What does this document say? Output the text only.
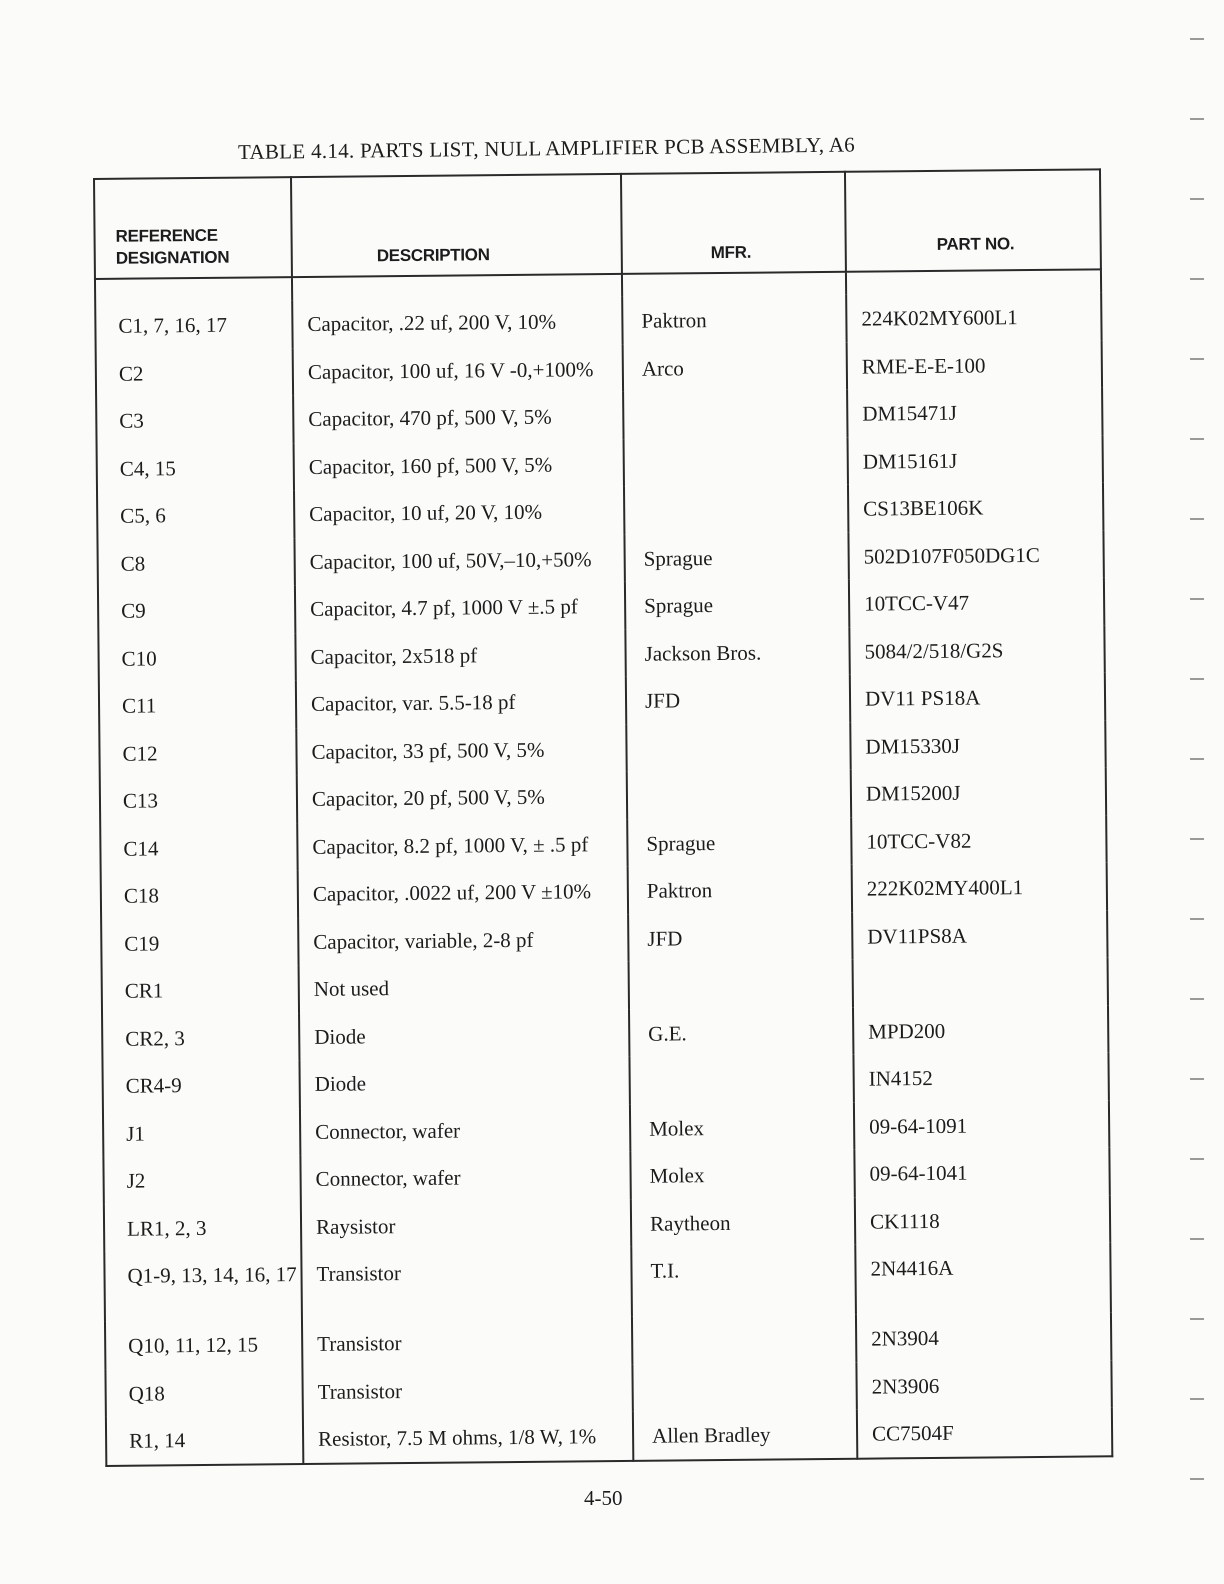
TABLE 4.14. PARTS LIST, NULL AMPLIFIER PCB ASSEMBLY, A6
REFERENCE
DESIGNATION	DESCRIPTION	MFR.	PART NO.

C1, 7, 16, 17	Capacitor, .22 uf, 200 V, 10%	Paktron	224K02MY600L1
C2	Capacitor, 100 uf, 16 V -0,+100%	Arco	RME-E-E-100
C3	Capacitor, 470 pf, 500 V, 5%		DM15471J
C4, 15	Capacitor, 160 pf, 500 V, 5%		DM15161J
C5, 6	Capacitor, 10 uf, 20 V, 10%		CS13BE106K
C8	Capacitor, 100 uf, 50V,–10,+50%	Sprague	502D107F050DG1C
C9	Capacitor, 4.7 pf, 1000 V ±.5 pf	Sprague	10TCC-V47
C10	Capacitor, 2x518 pf	Jackson Bros.	5084/2/518/G2S
C11	Capacitor, var. 5.5-18 pf	JFD	DV11 PS18A
C12	Capacitor, 33 pf, 500 V, 5%		DM15330J
C13	Capacitor, 20 pf, 500 V, 5%		DM15200J
C14	Capacitor, 8.2 pf, 1000 V, ± .5 pf	Sprague	10TCC-V82
C18	Capacitor, .0022 uf, 200 V ±10%	Paktron	222K02MY400L1
C19	Capacitor, variable, 2-8 pf	JFD	DV11PS8A
CR1	Not used		
CR2, 3	Diode	G.E.	MPD200
CR4-9	Diode		IN4152
J1	Connector, wafer	Molex	09-64-1091
J2	Connector, wafer	Molex	09-64-1041
LR1, 2, 3	Raysistor	Raytheon	CK1118
Q1-9, 13, 14, 16, 17	Transistor	T.I.	2N4416A
Q10, 11, 12, 15	Transistor		2N3904
Q18	Transistor		2N3906
R1, 14	Resistor, 7.5 M ohms, 1/8 W, 1%	Allen Bradley	CC7504F
4-50
